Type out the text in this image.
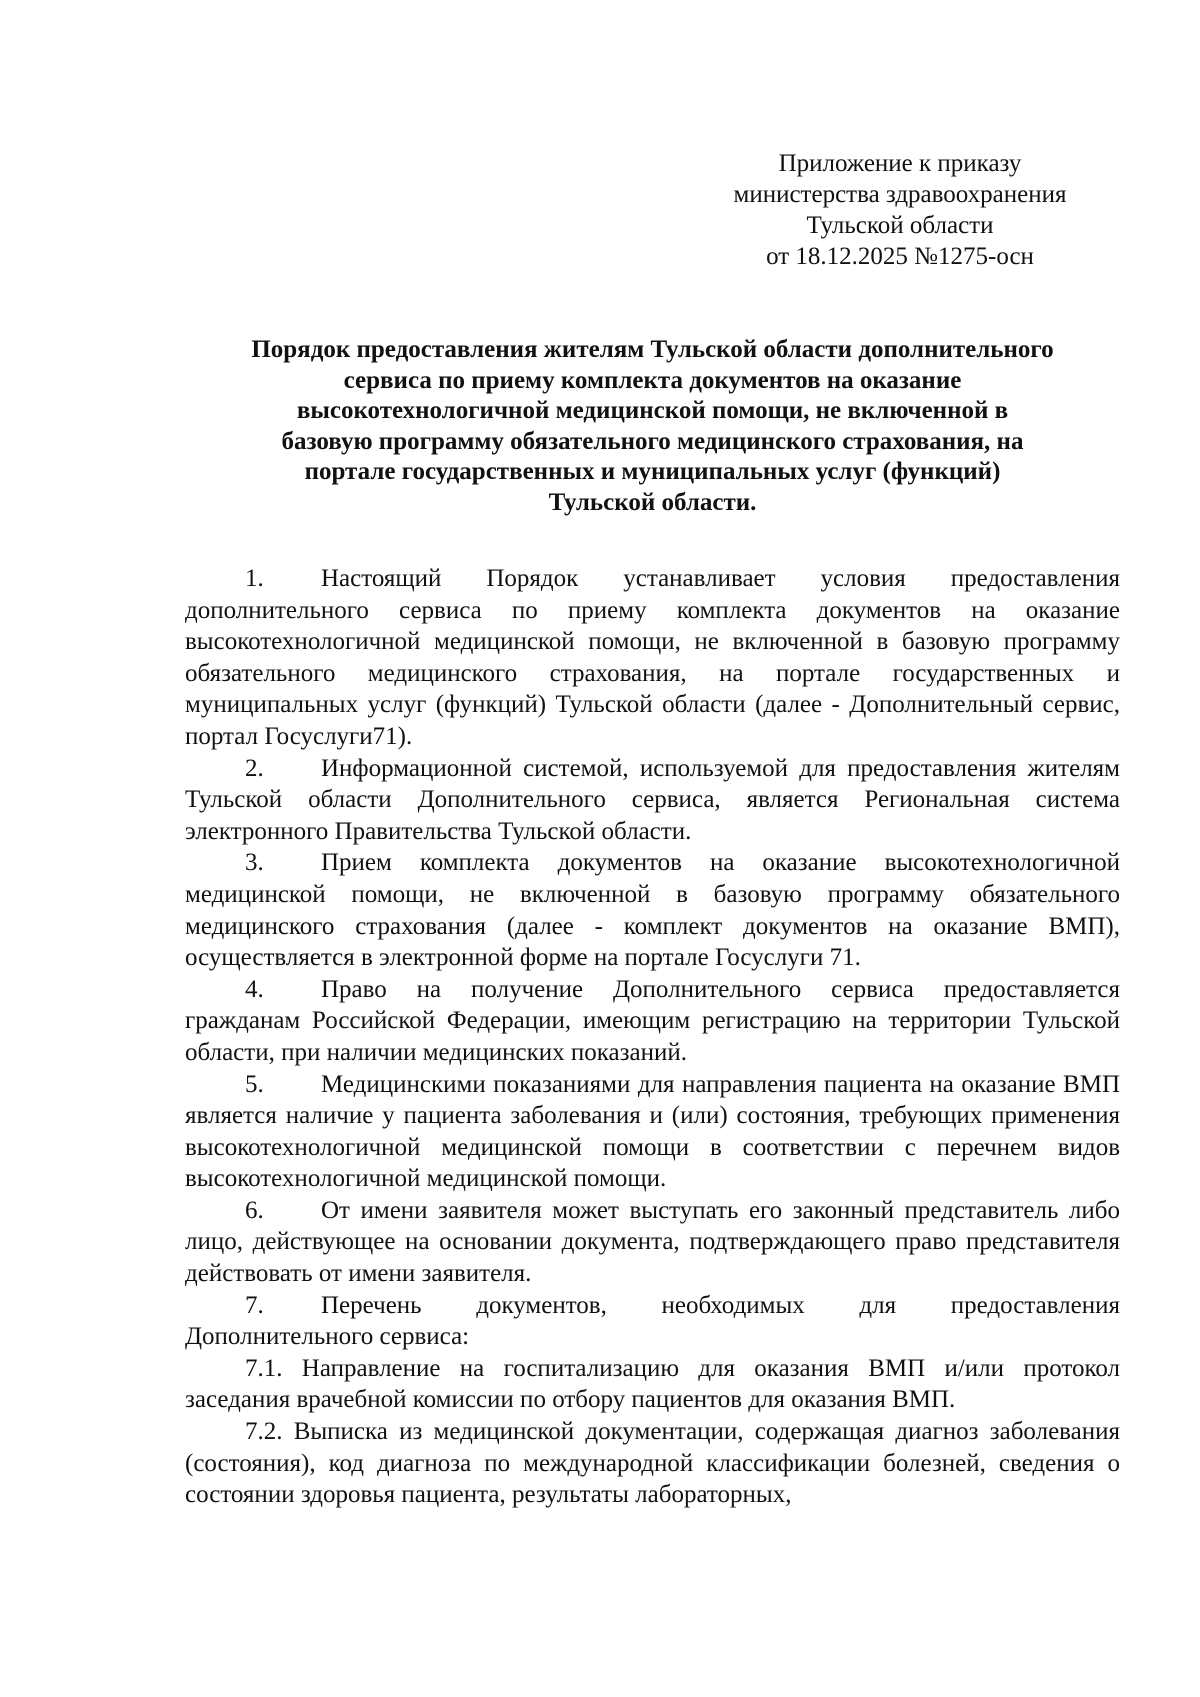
Приложение к приказу
министерства здравоохранения
Тульской области
от 18.12.2025 №1275-осн
Порядок предоставления жителям Тульской области дополнительного
сервиса по приему комплекта документов на оказание
высокотехнологичной медицинской помощи, не включенной в
базовую программу обязательного медицинского страхования, на
портале государственных и муниципальных услуг (функций)
Тульской области.

1. Настоящий Порядок устанавливает условия предоставления дополнительного сервиса по приему комплекта документов на оказание высокотехнологичной медицинской помощи, не включенной в базовую программу обязательного медицинского страхования, на портале государственных и муниципальных услуг (функций) Тульской области (далее - Дополнительный сервис, портал Госуслуги71).

2. Информационной системой, используемой для предоставления жителям Тульской области Дополнительного сервиса, является Региональная система электронного Правительства Тульской области.

3. Прием комплекта документов на оказание высокотехнологичной медицинской помощи, не включенной в базовую программу обязательного медицинского страхования (далее - комплект документов на оказание ВМП), осуществляется в электронной форме на портале Госуслуги 71.

4. Право на получение Дополнительного сервиса предоставляется гражданам Российской Федерации, имеющим регистрацию на территории Тульской области, при наличии медицинских показаний.

5. Медицинскими показаниями для направления пациента на оказание ВМП является наличие у пациента заболевания и (или) состояния, требующих применения высокотехнологичной медицинской помощи в соответствии с перечнем видов высокотехнологичной медицинской помощи.

6. От имени заявителя может выступать его законный представитель либо лицо, действующее на основании документа, подтверждающего право представителя действовать от имени заявителя.

7. Перечень документов, необходимых для предоставления Дополнительного сервиса:

7.1. Направление на госпитализацию для оказания ВМП и/или протокол заседания врачебной комиссии по отбору пациентов для оказания ВМП.

7.2. Выписка из медицинской документации, содержащая диагноз заболевания (состояния), код диагноза по международной классификации болезней, сведения о состоянии здоровья пациента, результаты лабораторных,
